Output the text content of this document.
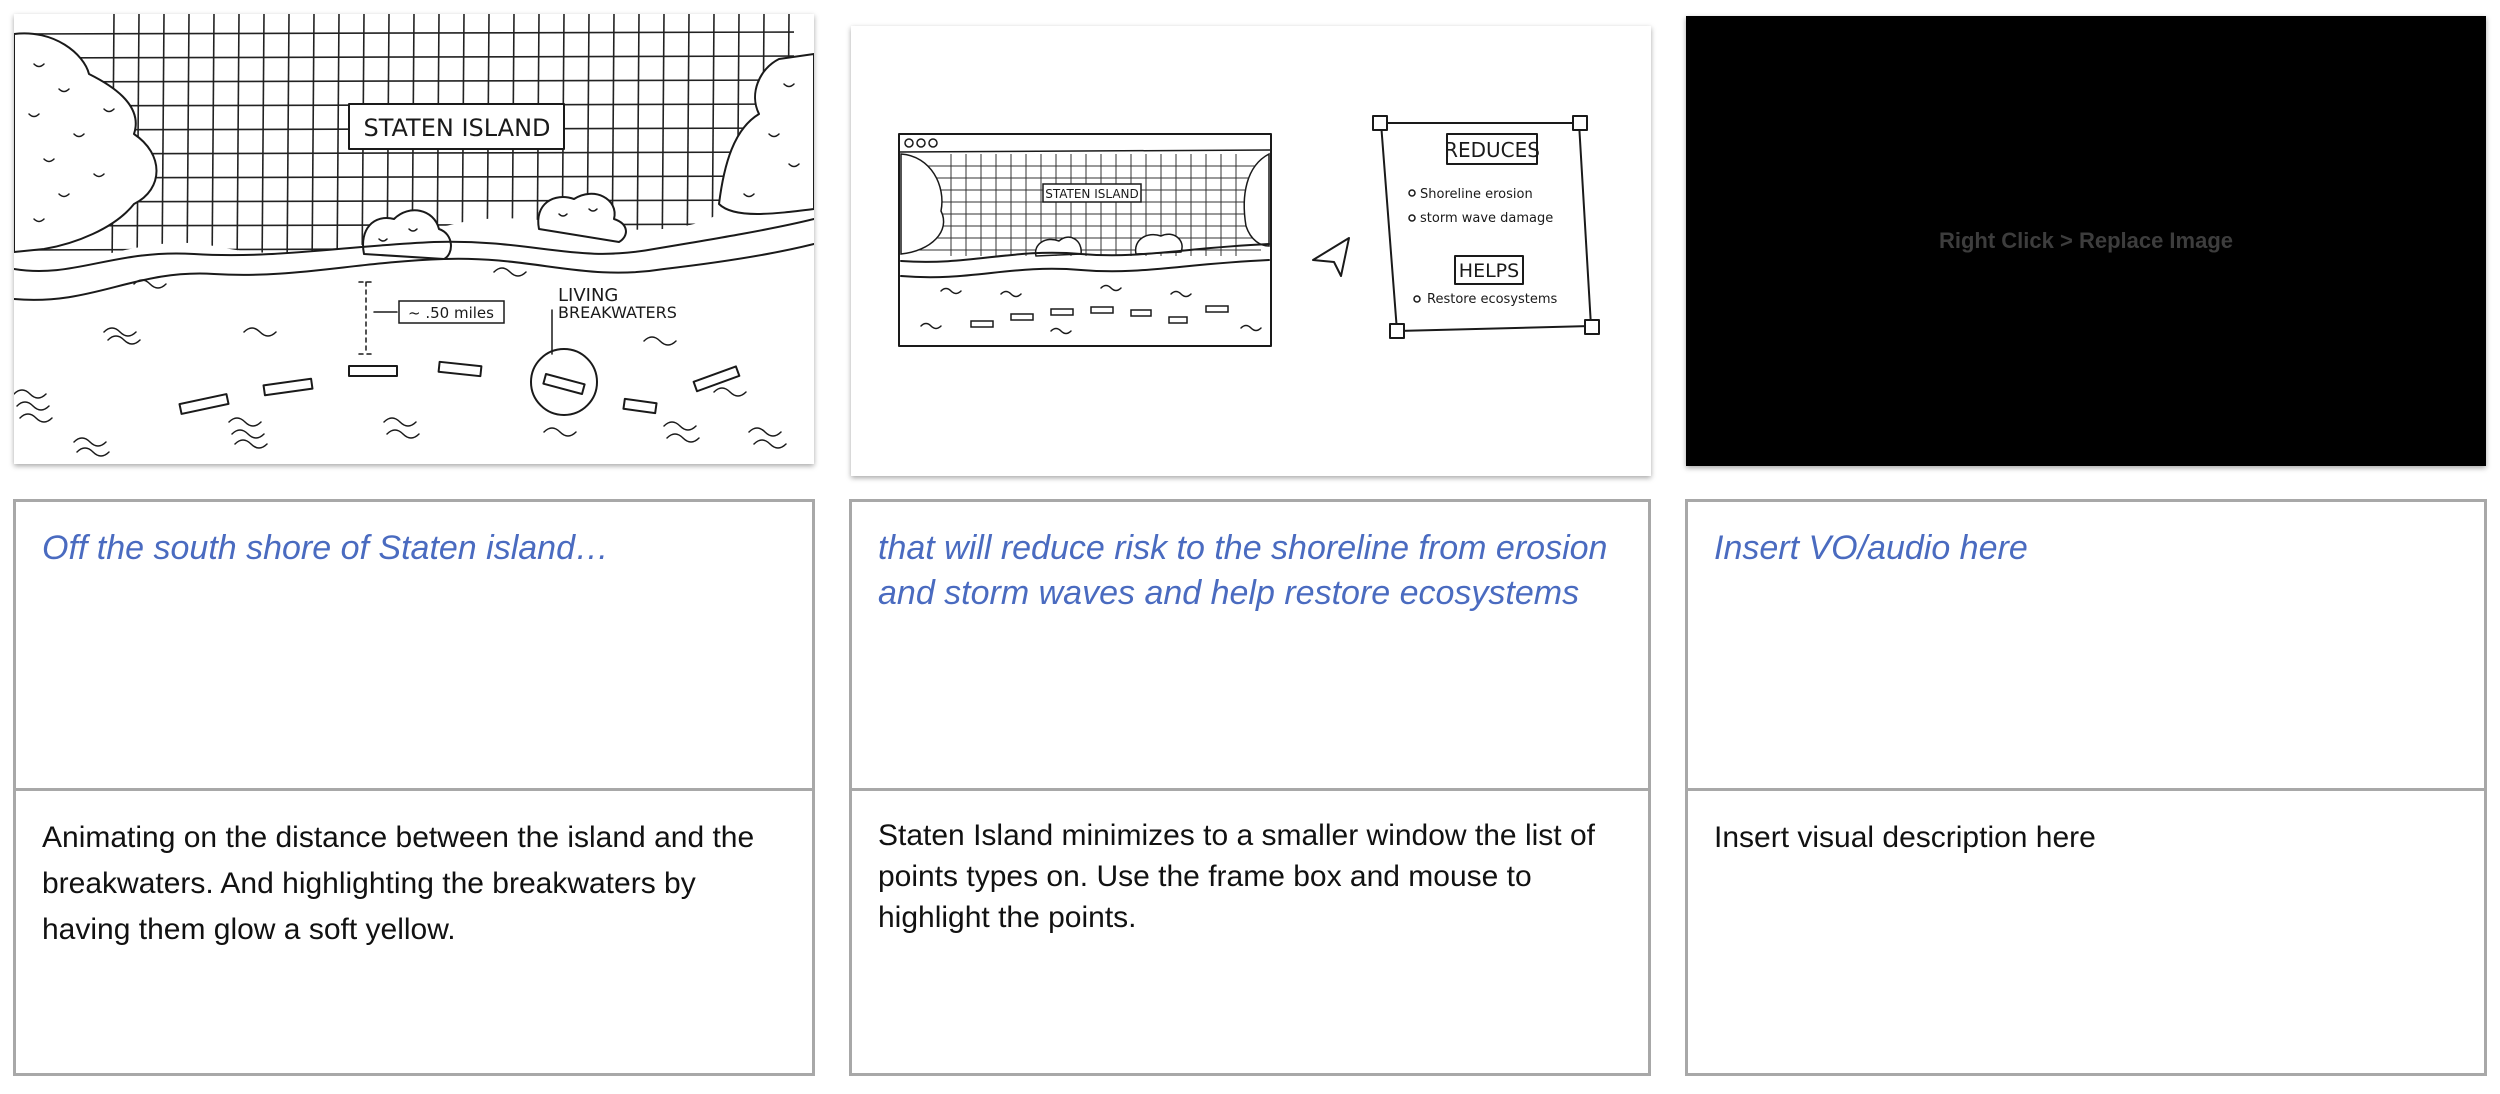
STATEN ISLAND
~ .50 miles
LIVING
BREAKWATERS
STATEN ISLAND
REDUCES
Shoreline erosion
storm wave damage
HELPS
Restore ecosystems
Right Click > Replace Image
Off the south shore of Staten island…	that will reduce risk to the shoreline from erosion and storm waves and help restore ecosystems
Insert VO/audio here
Animating on the distance between the island and the breakwaters. And highlighting the breakwaters by having them glow a soft yellow.
Staten Island minimizes to a smaller window the list of points types on. Use the frame box and mouse to highlight the points.
Insert visual description here
